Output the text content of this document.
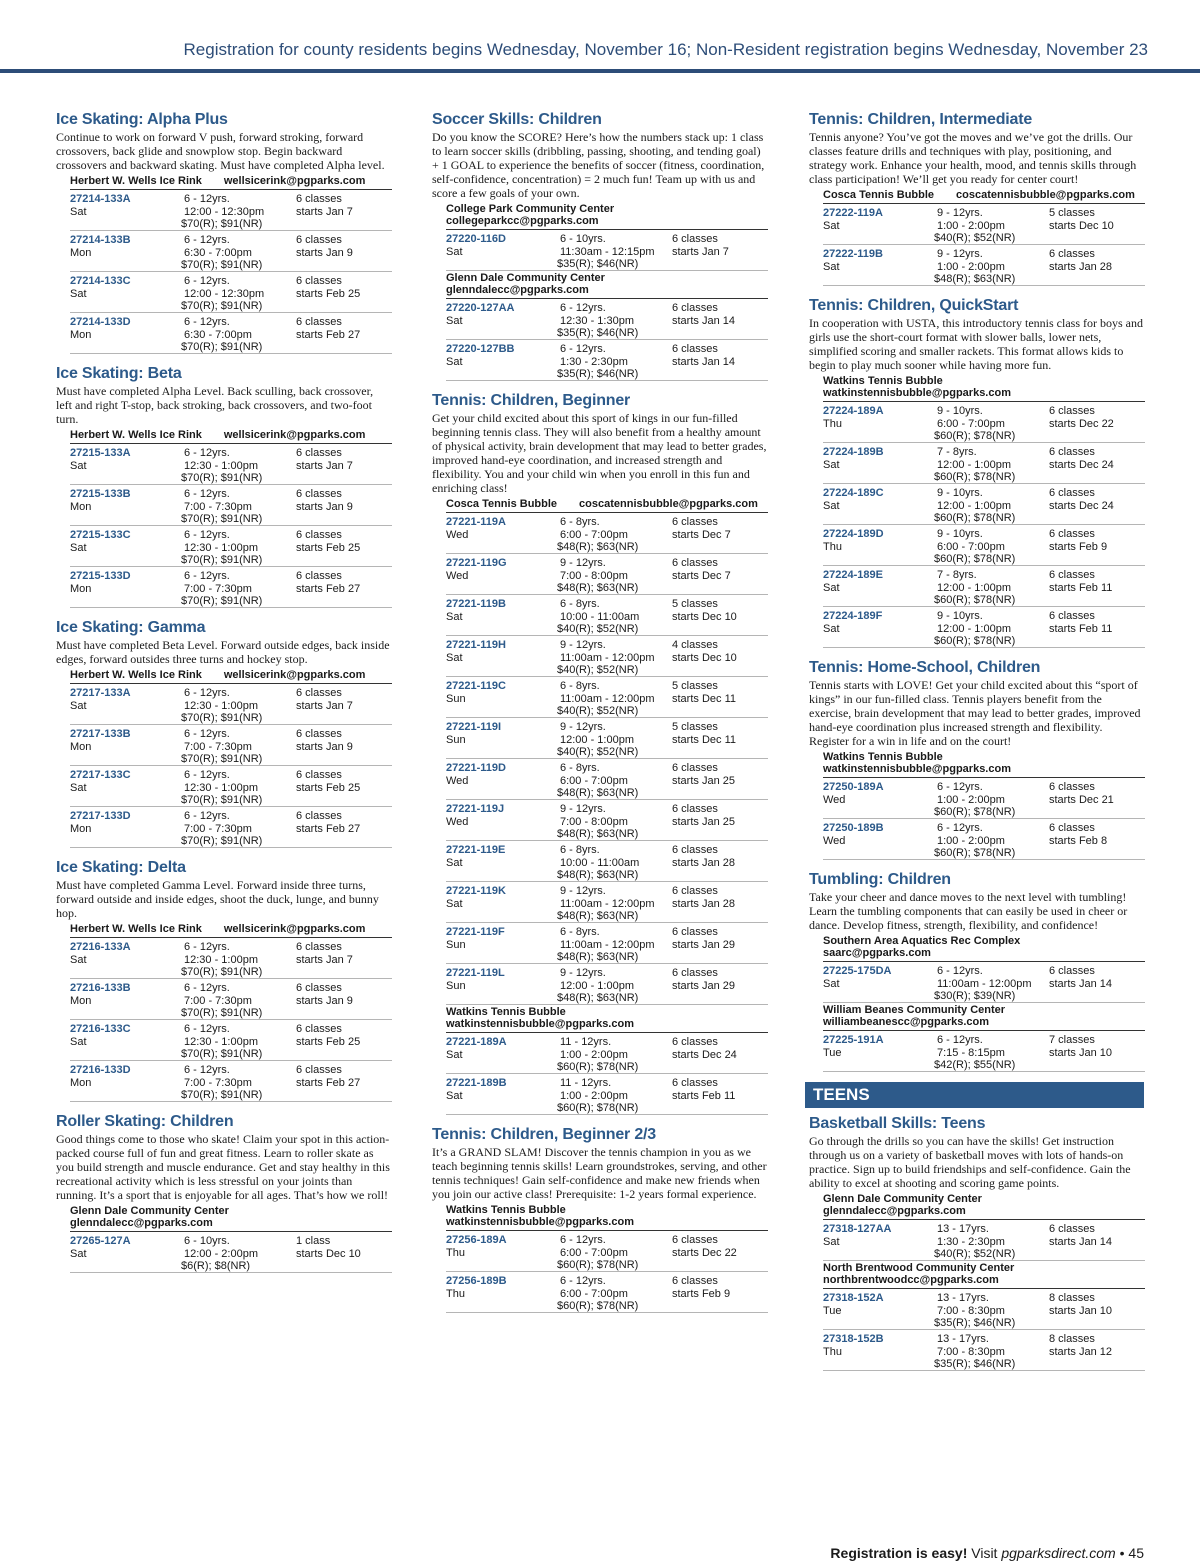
Registration for county residents begins Wednesday, November 16; Non-Resident registration begins Wednesday, November 23
Ice Skating: Alpha Plus
Continue to work on forward V push, forward stroking, forward crossovers, back glide and snowplow stop. Begin backward crossovers and backward skating. Must have completed Alpha level.
Herbert W. Wells Ice Rink wellsicerink@pgparks.com
27214-133A
Sat
6 - 12yrs.
12:00 - 12:30pm
$70(R); $91(NR)
6 classes
starts Jan 7
27214-133B
Mon
6 - 12yrs.
6:30 - 7:00pm
$70(R); $91(NR)
6 classes
starts Jan 9
27214-133C
Sat
6 - 12yrs.
12:00 - 12:30pm
$70(R); $91(NR)
6 classes
starts Feb 25
27214-133D
Mon
6 - 12yrs.
6:30 - 7:00pm
$70(R); $91(NR)
6 classes
starts Feb 27
Ice Skating: Beta
Must have completed Alpha Level. Back sculling, back crossover, left and right T-stop, back stroking, back crossovers, and two-foot turn.
Herbert W. Wells Ice Rink wellsicerink@pgparks.com
27215-133A
Sat
6 - 12yrs.
12:30 - 1:00pm
$70(R); $91(NR)
6 classes
starts Jan 7
27215-133B
Mon
6 - 12yrs.
7:00 - 7:30pm
$70(R); $91(NR)
6 classes
starts Jan 9
27215-133C
Sat
6 - 12yrs.
12:30 - 1:00pm
$70(R); $91(NR)
6 classes
starts Feb 25
27215-133D
Mon
6 - 12yrs.
7:00 - 7:30pm
$70(R); $91(NR)
6 classes
starts Feb 27
Ice Skating: Gamma
Must have completed Beta Level. Forward outside edges, back inside edges, forward outsides three turns and hockey stop.
Herbert W. Wells Ice Rink wellsicerink@pgparks.com
27217-133A
Sat
6 - 12yrs.
12:30 - 1:00pm
$70(R); $91(NR)
6 classes
starts Jan 7
27217-133B
Mon
6 - 12yrs.
7:00 - 7:30pm
$70(R); $91(NR)
6 classes
starts Jan 9
27217-133C
Sat
6 - 12yrs.
12:30 - 1:00pm
$70(R); $91(NR)
6 classes
starts Feb 25
27217-133D
Mon
6 - 12yrs.
7:00 - 7:30pm
$70(R); $91(NR)
6 classes
starts Feb 27
Ice Skating: Delta
Must have completed Gamma Level. Forward inside three turns, forward outside and inside edges, shoot the duck, lunge, and bunny hop.
Herbert W. Wells Ice Rink wellsicerink@pgparks.com
27216-133A
Sat
6 - 12yrs.
12:30 - 1:00pm
$70(R); $91(NR)
6 classes
starts Jan 7
27216-133B
Mon
6 - 12yrs.
7:00 - 7:30pm
$70(R); $91(NR)
6 classes
starts Jan 9
27216-133C
Sat
6 - 12yrs.
12:30 - 1:00pm
$70(R); $91(NR)
6 classes
starts Feb 25
27216-133D
Mon
6 - 12yrs.
7:00 - 7:30pm
$70(R); $91(NR)
6 classes
starts Feb 27
Roller Skating: Children
Good things come to those who skate! Claim your spot in this action-packed course full of fun and great fitness. Learn to roller skate as you build strength and muscle endurance. Get and stay healthy in this recreational activity which is less stressful on your joints than running. It’s a sport that is enjoyable for all ages. That’s how we roll!
Glenn Dale Community Center
glenndalecc@pgparks.com
27265-127A
Sat
6 - 10yrs.
12:00 - 2:00pm
$6(R); $8(NR)
1 class
starts Dec 10
Soccer Skills: Children
Do you know the SCORE? Here’s how the numbers stack up: 1 class to learn soccer skills (dribbling, passing, shooting, and tending goal) + 1 GOAL to experience the benefits of soccer (fitness, coordination, self-confidence, concentration) = 2 much fun! Team up with us and score a few goals of your own.
College Park Community Center
collegeparkcc@pgparks.com
27220-116D
Sat
6 - 10yrs.
11:30am - 12:15pm
$35(R); $46(NR)
6 classes
starts Jan 7
Glenn Dale Community Center
glenndalecc@pgparks.com
27220-127AA
Sat
6 - 12yrs.
12:30 - 1:30pm
$35(R); $46(NR)
6 classes
starts Jan 14
27220-127BB
Sat
6 - 12yrs.
1:30 - 2:30pm
$35(R); $46(NR)
6 classes
starts Jan 14
Tennis: Children, Beginner
Get your child excited about this sport of kings in our fun-filled beginning tennis class. They will also benefit from a healthy amount of physical activity, brain development that may lead to better grades, improved hand-eye coordination, and increased strength and flexibility. You and your child win when you enroll in this fun and enriching class!
Cosca Tennis Bubble coscatennisbubble@pgparks.com
27221-119A
Wed
6 - 8yrs.
6:00 - 7:00pm
$48(R); $63(NR)
6 classes
starts Dec 7
27221-119G
Wed
9 - 12yrs.
7:00 - 8:00pm
$48(R); $63(NR)
6 classes
starts Dec 7
27221-119B
Sat
6 - 8yrs.
10:00 - 11:00am
$40(R); $52(NR)
5 classes
starts Dec 10
27221-119H
Sat
9 - 12yrs.
11:00am - 12:00pm
$40(R); $52(NR)
4 classes
starts Dec 10
27221-119C
Sun
6 - 8yrs.
11:00am - 12:00pm
$40(R); $52(NR)
5 classes
starts Dec 11
27221-119I
Sun
9 - 12yrs.
12:00 - 1:00pm
$40(R); $52(NR)
5 classes
starts Dec 11
27221-119D
Wed
6 - 8yrs.
6:00 - 7:00pm
$48(R); $63(NR)
6 classes
starts Jan 25
27221-119J
Wed
9 - 12yrs.
7:00 - 8:00pm
$48(R); $63(NR)
6 classes
starts Jan 25
27221-119E
Sat
6 - 8yrs.
10:00 - 11:00am
$48(R); $63(NR)
6 classes
starts Jan 28
27221-119K
Sat
9 - 12yrs.
11:00am - 12:00pm
$48(R); $63(NR)
6 classes
starts Jan 28
27221-119F
Sun
6 - 8yrs.
11:00am - 12:00pm
$48(R); $63(NR)
6 classes
starts Jan 29
27221-119L
Sun
9 - 12yrs.
12:00 - 1:00pm
$48(R); $63(NR)
6 classes
starts Jan 29
Watkins Tennis Bubble
watkinstennisbubble@pgparks.com
27221-189A
Sat
11 - 12yrs.
1:00 - 2:00pm
$60(R); $78(NR)
6 classes
starts Dec 24
27221-189B
Sat
11 - 12yrs.
1:00 - 2:00pm
$60(R); $78(NR)
6 classes
starts Feb 11
Tennis: Children, Beginner 2/3
It’s a GRAND SLAM! Discover the tennis champion in you as we teach beginning tennis skills! Learn groundstrokes, serving, and other tennis techniques! Gain self-confidence and make new friends when you join our active class! Prerequisite: 1-2 years formal experience.
Watkins Tennis Bubble
watkinstennisbubble@pgparks.com
27256-189A
Thu
6 - 12yrs.
6:00 - 7:00pm
$60(R); $78(NR)
6 classes
starts Dec 22
27256-189B
Thu
6 - 12yrs.
6:00 - 7:00pm
$60(R); $78(NR)
6 classes
starts Feb 9
Tennis: Children, Intermediate
Tennis anyone? You’ve got the moves and we’ve got the drills. Our classes feature drills and techniques with play, positioning, and strategy work. Enhance your health, mood, and tennis skills through class participation! We’ll get you ready for center court!
Cosca Tennis Bubble coscatennisbubble@pgparks.com
27222-119A
Sat
9 - 12yrs.
1:00 - 2:00pm
$40(R); $52(NR)
5 classes
starts Dec 10
27222-119B
Sat
9 - 12yrs.
1:00 - 2:00pm
$48(R); $63(NR)
6 classes
starts Jan 28
Tennis: Children, QuickStart
In cooperation with USTA, this introductory tennis class for boys and girls use the short-court format with slower balls, lower nets, simplified scoring and smaller rackets. This format allows kids to begin to play much sooner while having more fun.
Watkins Tennis Bubble
watkinstennisbubble@pgparks.com
27224-189A
Thu
9 - 10yrs.
6:00 - 7:00pm
$60(R); $78(NR)
6 classes
starts Dec 22
27224-189B
Sat
7 - 8yrs.
12:00 - 1:00pm
$60(R); $78(NR)
6 classes
starts Dec 24
27224-189C
Sat
9 - 10yrs.
12:00 - 1:00pm
$60(R); $78(NR)
6 classes
starts Dec 24
27224-189D
Thu
9 - 10yrs.
6:00 - 7:00pm
$60(R); $78(NR)
6 classes
starts Feb 9
27224-189E
Sat
7 - 8yrs.
12:00 - 1:00pm
$60(R); $78(NR)
6 classes
starts Feb 11
27224-189F
Sat
9 - 10yrs.
12:00 - 1:00pm
$60(R); $78(NR)
6 classes
starts Feb 11
Tennis: Home-School, Children
Tennis starts with LOVE! Get your child excited about this “sport of kings” in our fun-filled class. Tennis players benefit from the exercise, brain development that may lead to better grades, improved hand-eye coordination plus increased strength and flexibility. Register for a win in life and on the court!
Watkins Tennis Bubble
watkinstennisbubble@pgparks.com
27250-189A
Wed
6 - 12yrs.
1:00 - 2:00pm
$60(R); $78(NR)
6 classes
starts Dec 21
27250-189B
Wed
6 - 12yrs.
1:00 - 2:00pm
$60(R); $78(NR)
6 classes
starts Feb 8
Tumbling: Children
Take your cheer and dance moves to the next level with tumbling! Learn the tumbling components that can easily be used in cheer or dance. Develop fitness, strength, flexibility, and confidence!
Southern Area Aquatics Rec Complex
saarc@pgparks.com
27225-175DA
Sat
6 - 12yrs.
11:00am - 12:00pm
$30(R); $39(NR)
6 classes
starts Jan 14
William Beanes Community Center
williambeanescc@pgparks.com
27225-191A
Tue
6 - 12yrs.
7:15 - 8:15pm
$42(R); $55(NR)
7 classes
starts Jan 10
TEENS
Basketball Skills: Teens
Go through the drills so you can have the skills! Get instruction through us on a variety of basketball moves with lots of hands-on practice. Sign up to build friendships and self-confidence. Gain the ability to excel at shooting and scoring game points.
Glenn Dale Community Center
glenndalecc@pgparks.com
27318-127AA
Sat
13 - 17yrs.
1:30 - 2:30pm
$40(R); $52(NR)
6 classes
starts Jan 14
North Brentwood Community Center
northbrentwoodcc@pgparks.com
27318-152A
Tue
13 - 17yrs.
7:00 - 8:30pm
$35(R); $46(NR)
8 classes
starts Jan 10
27318-152B
Thu
13 - 17yrs.
7:00 - 8:30pm
$35(R); $46(NR)
8 classes
starts Jan 12
Registration is easy! Visit pgparksdirect.com • 45
